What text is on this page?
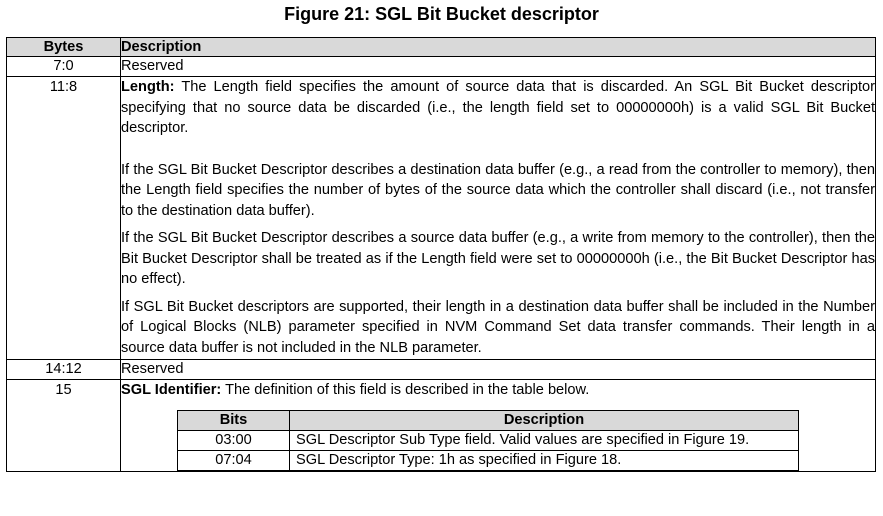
Figure 21: SGL Bit Bucket descriptor
Bytes	Description
7:0	Reserved
11:8	Length: The Length field specifies the amount of source data that is discarded. An SGL Bit Bucket descriptor specifying that no source data be discarded (i.e., the length field set to 00000000h) is a valid SGL Bit Bucket descriptor.

If the SGL Bit Bucket Descriptor describes a destination data buffer (e.g., a read from the controller to memory), then the Length field specifies the number of bytes of the source data which the controller shall discard (i.e., not transfer to the destination data buffer).

If the SGL Bit Bucket Descriptor describes a source data buffer (e.g., a write from memory to the controller), then the Bit Bucket Descriptor shall be treated as if the Length field were set to 00000000h (i.e., the Bit Bucket Descriptor has no effect).

If SGL Bit Bucket descriptors are supported, their length in a destination data buffer shall be included in the Number of Logical Blocks (NLB) parameter specified in NVM Command Set data transfer commands. Their length in a source data buffer is not included in the NLB parameter.

14:12	Reserved
15	SGL Identifier: The definition of this field is described in the table below.

Bits	Description
03:00	SGL Descriptor Sub Type field. Valid values are specified in Figure 19.
07:04	SGL Descriptor Type: 1h as specified in Figure 18.
